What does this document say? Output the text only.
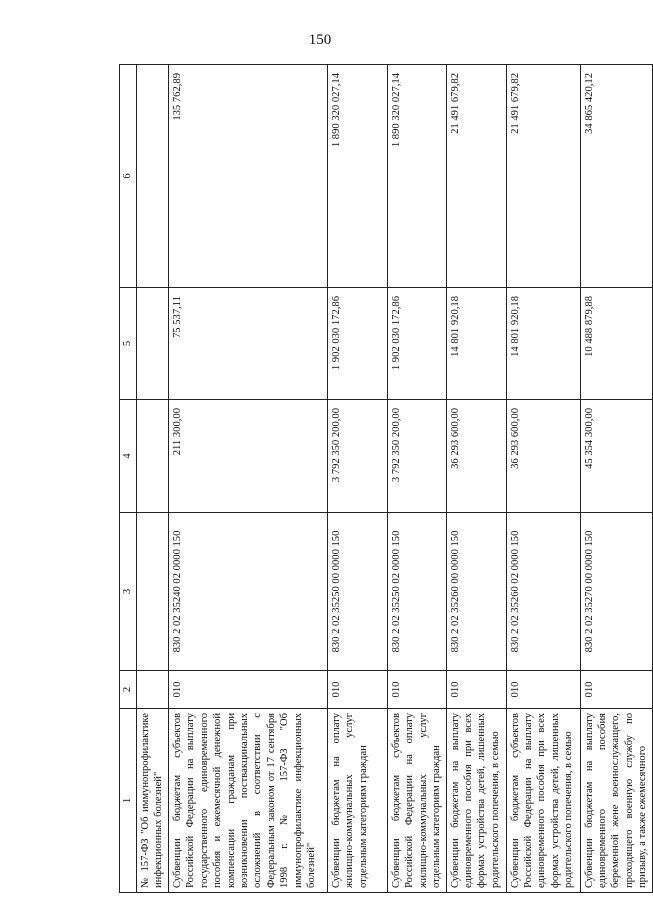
150
1	2	3	4	5	6
№ 157-ФЗ "Об иммунопрофилактике инфекционных болезней"					
Субвенции бюджетам субъектов Российской Федерации на выплату государственного единовременного пособия и ежемесячной денежной компенсации гражданам при возникновении поствакцинальных осложнений в соответствии с Федеральным законом от 17 сентября 1998 г. № 157-ФЗ "Об иммунопрофилактике инфекционных болезней"	010	830 2 02 35240 02 0000 150	211 300,00	75 537,11	135 762,89
Субвенции бюджетам на оплату жилищно-коммунальных услуг отдельным категориям граждан	010	830 2 02 35250 00 0000 150	3 792 350 200,00	1 902 030 172,86	1 890 320 027,14
Субвенции бюджетам субъектов Российской Федерации на оплату жилищно-коммунальных услуг отдельным категориям граждан	010	830 2 02 35250 02 0000 150	3 792 350 200,00	1 902 030 172,86	1 890 320 027,14
Субвенции бюджетам на выплату единовременного пособия при всех формах устройства детей, лишенных родительского попечения, в семью	010	830 2 02 35260 00 0000 150	36 293 600,00	14 801 920,18	21 491 679,82
Субвенции бюджетам субъектов Российской Федерации на выплату единовременного пособия при всех формах устройства детей, лишенных родительского попечения, в семью	010	830 2 02 35260 02 0000 150	36 293 600,00	14 801 920,18	21 491 679,82
Субвенции бюджетам на выплату единовременного пособия беременной жене военнослужащего, проходящего военную службу по призыву, а также ежемесячного	010	830 2 02 35270 00 0000 150	45 354 300,00	10 488 879,88	34 865 420,12
